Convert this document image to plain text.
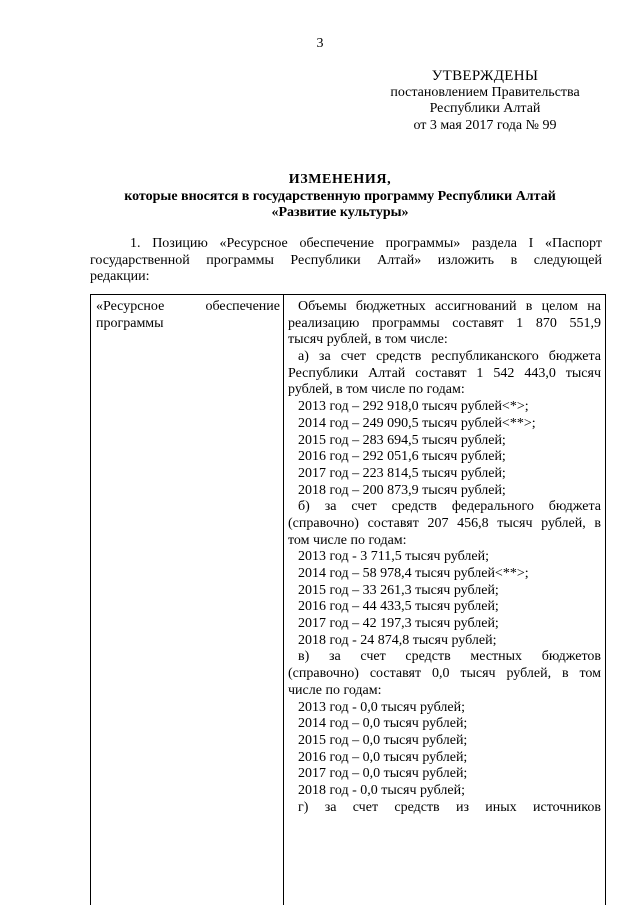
3
УТВЕРЖДЕНЫ
постановлением Правительства
Республики Алтай
от 3 мая 2017 года № 99
ИЗМЕНЕНИЯ,
которые вносятся в государственную программу Республики Алтай
«Развитие культуры»
1. Позицию «Ресурсное обеспечение программы» раздела I «Паспорт
государственной программы Республики Алтай» изложить в следующей
редакции:
«Ресурсное	обеспечение
программы
Объемы бюджетных ассигнований в целом на
реализацию программы составят 1 870 551,9
тысяч рублей, в том числе:
а) за счет средств республиканского бюджета
Республики Алтай составят 1 542 443,0 тысяч
рублей, в том числе по годам:
2013 год – 292 918,0 тысяч рублей<*>;
2014 год – 249 090,5 тысяч рублей<**>;
2015 год – 283 694,5 тысяч рублей;
2016 год – 292 051,6 тысяч рублей;
2017 год – 223 814,5 тысяч рублей;
2018 год – 200 873,9 тысяч рублей;
б) за счет средств федерального бюджета
(справочно) составят 207 456,8 тысяч рублей, в
том числе по годам:
2013 год - 3 711,5 тысяч рублей;
2014 год – 58 978,4 тысяч рублей<**>;
2015 год – 33 261,3 тысяч рублей;
2016 год – 44 433,5 тысяч рублей;
2017 год – 42 197,3 тысяч рублей;
2018 год - 24 874,8 тысяч рублей;
в) за счет средств местных бюджетов
(справочно) составят 0,0 тысяч рублей, в том
числе по годам:
2013 год - 0,0 тысяч рублей;
2014 год – 0,0 тысяч рублей;
2015 год – 0,0 тысяч рублей;
2016 год – 0,0 тысяч рублей;
2017 год – 0,0 тысяч рублей;
2018 год - 0,0 тысяч рублей;
г) за счет средств из иных источников
